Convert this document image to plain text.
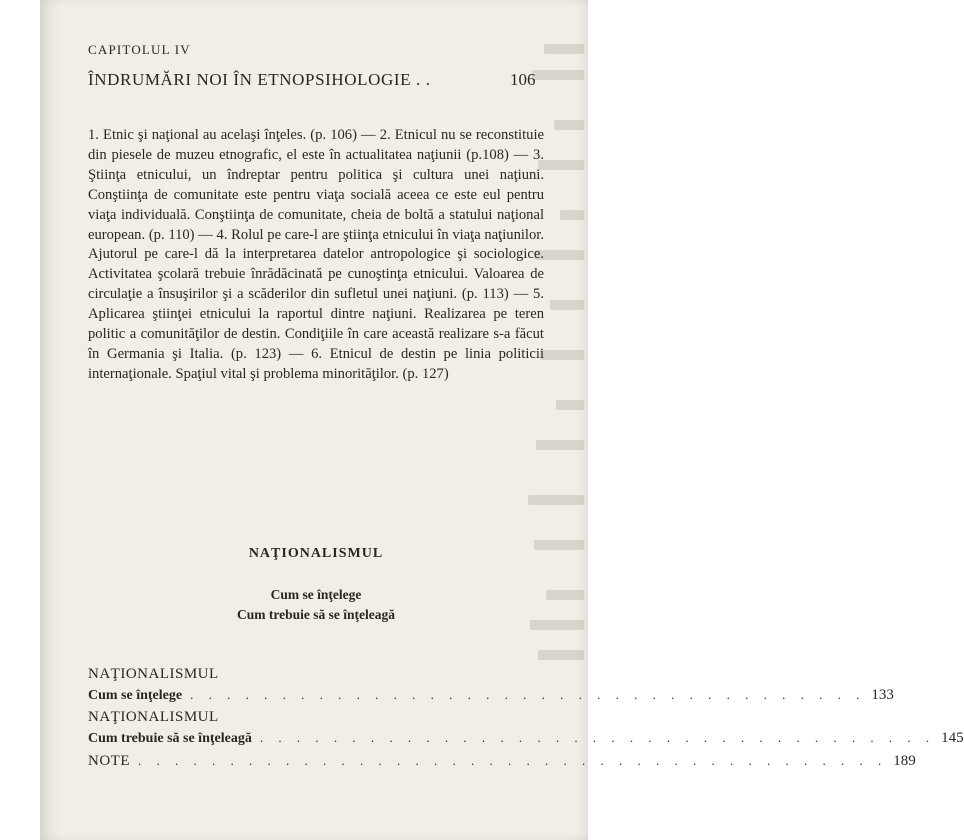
CAPITOLUL IV
ÎNDRUMĂRI NOI ÎN ETNOPSIHOLOGIE . .	106
1. Etnic şi naţional au acelaşi înţeles. (p. 106) — 2. Etnicul nu se reconstituie din piesele de muzeu etnografic, el este în actualitatea naţiunii (p.108) — 3. Ştiinţa etnicului, un îndreptar pentru politica şi cultura unei naţiuni. Conştiinţa de comunitate este pentru viaţa socială aceea ce este eul pentru viaţa individuală. Conştiinţa de comunitate, cheia de boltă a statului naţional european. (p. 110) — 4. Rolul pe care-l are ştiinţa etnicului în viaţa naţiunilor. Ajutorul pe care-l dă la interpretarea datelor antropologice şi sociologice. Activitatea şcolară trebuie înrădăcinată pe cunoştinţa etnicului. Valoarea de circulaţie a însuşirilor şi a scăderilor din sufletul unei naţiuni. (p. 113) — 5. Aplicarea ştiinţei etnicului la raportul dintre naţiuni. Realizarea pe teren politic a comunităţilor de destin. Condiţiile în care această realizare s-a făcut în Germania şi Italia. (p. 123) — 6. Etnicul de destin pe linia politicii internaţionale. Spaţiul vital şi problema minorităţilor. (p. 127)
NAŢIONALISMUL
Cum se înţelege
Cum trebuie să se înţeleagă
NAŢIONALISMUL
Cum se înţelege . . . . . . . . . . . . . . . . . . . . . . . . . . . . . . . . . . . . . 133
NAŢIONALISMUL
Cum trebuie să se înţeleagă . . . . . . . . . . . . . . . . . . . . . . . . . . . . . . . . . . . . . 145
NOTE . . . . . . . . . . . . . . . . . . . . . . . . . . . . . . . . . . . . . . . . . 189
